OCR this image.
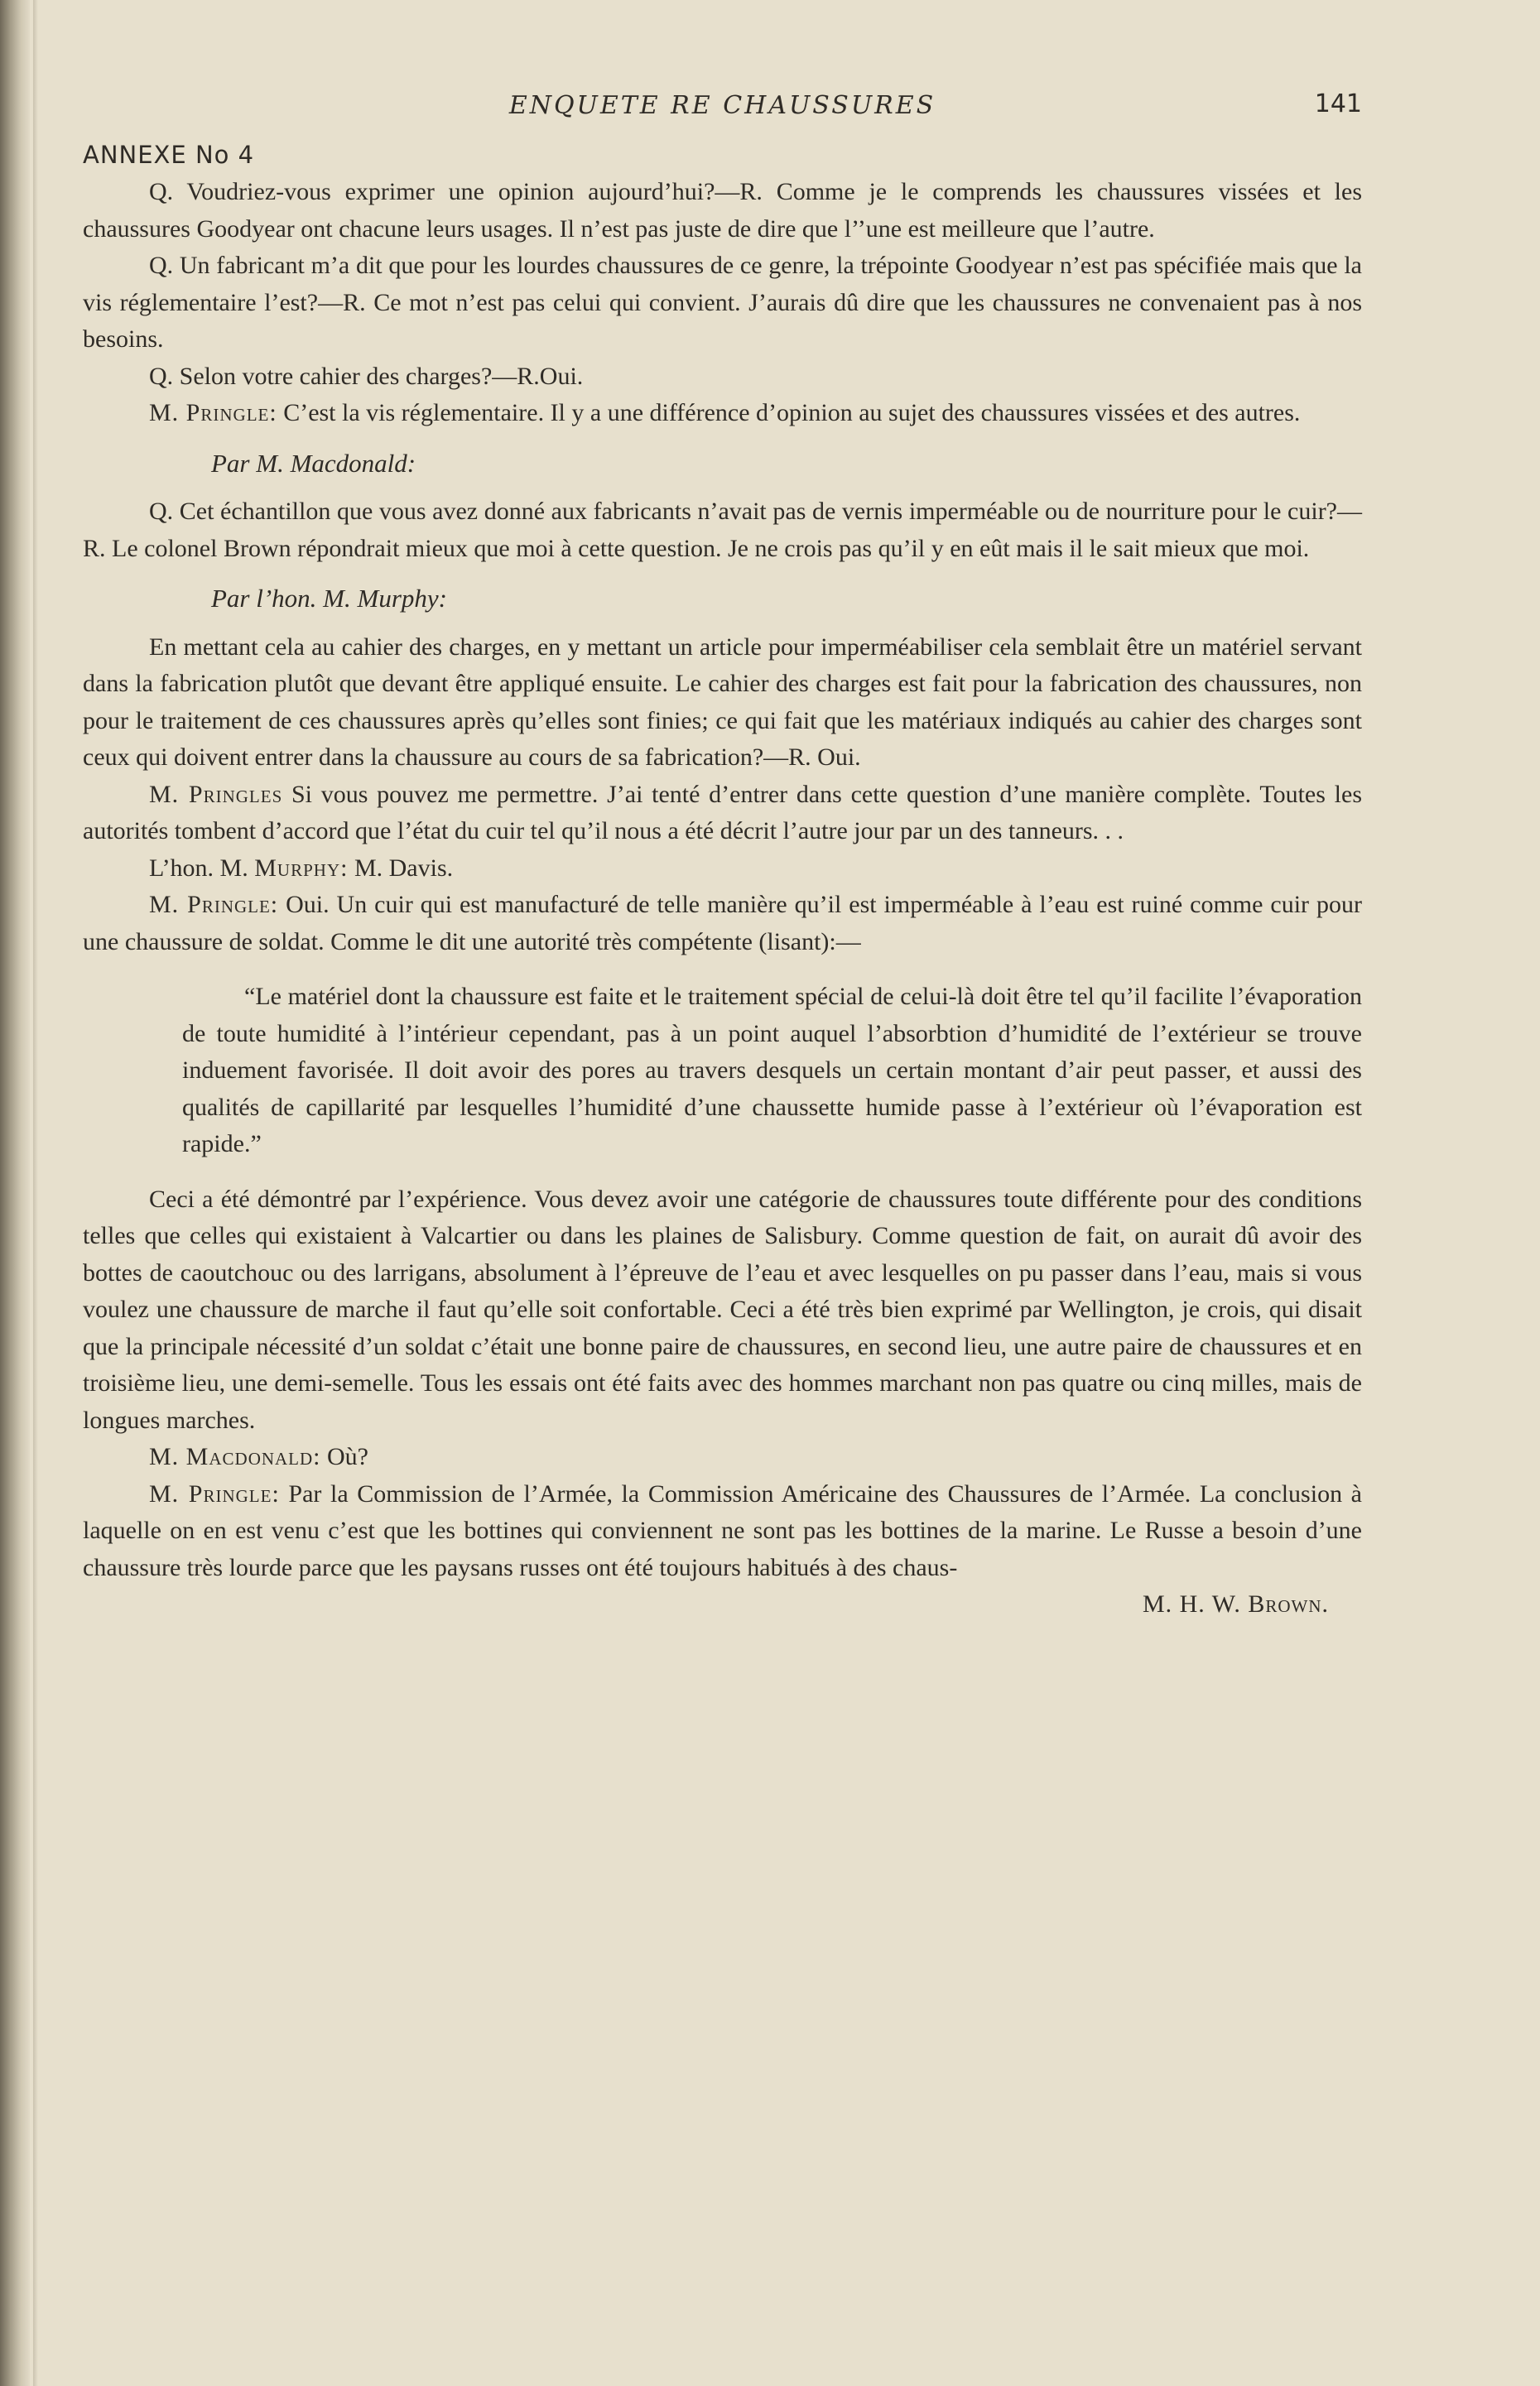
ENQUETE RE CHAUSSURES	141
ANNEXE No 4

Q. Voudriez-vous exprimer une opinion aujourd’hui?—R. Comme je le comprends les chaussures vissées et les chaussures Goodyear ont chacune leurs usages. Il n’est pas juste de dire que l’’une est meilleure que l’autre.

Q. Un fabricant m’a dit que pour les lourdes chaussures de ce genre, la trépointe Goodyear n’est pas spécifiée mais que la vis réglementaire l’est?—R. Ce mot n’est pas celui qui convient. J’aurais dû dire que les chaussures ne convenaient pas à nos besoins.

Q. Selon votre cahier des charges?—R.Oui.

M. Pringle: C’est la vis réglementaire. Il y a une différence d’opinion au sujet des chaussures vissées et des autres.

Par M. Macdonald:

Q. Cet échantillon que vous avez donné aux fabricants n’avait pas de vernis imperméable ou de nourriture pour le cuir?—R. Le colonel Brown répondrait mieux que moi à cette question. Je ne crois pas qu’il y en eût mais il le sait mieux que moi.

Par l’hon. M. Murphy:

En mettant cela au cahier des charges, en y mettant un article pour imperméabiliser cela semblait être un matériel servant dans la fabrication plutôt que devant être appliqué ensuite. Le cahier des charges est fait pour la fabrication des chaussures, non pour le traitement de ces chaussures après qu’elles sont finies; ce qui fait que les matériaux indiqués au cahier des charges sont ceux qui doivent entrer dans la chaussure au cours de sa fabrication?—R. Oui.

M. Pringles Si vous pouvez me permettre. J’ai tenté d’entrer dans cette question d’une manière complète. Toutes les autorités tombent d’accord que l’état du cuir tel qu’il nous a été décrit l’autre jour par un des tanneurs. . .

L’hon. M. Murphy: M. Davis.

M. Pringle: Oui. Un cuir qui est manufacturé de telle manière qu’il est imperméable à l’eau est ruiné comme cuir pour une chaussure de soldat. Comme le dit une autorité très compétente (lisant):—

“Le matériel dont la chaussure est faite et le traitement spécial de celui-là doit être tel qu’il facilite l’évaporation de toute humidité à l’intérieur cependant, pas à un point auquel l’absorbtion d’humidité de l’extérieur se trouve induement favorisée. Il doit avoir des pores au travers desquels un certain montant d’air peut passer, et aussi des qualités de capillarité par lesquelles l’humidité d’une chaussette humide passe à l’extérieur où l’évaporation est rapide.”

Ceci a été démontré par l’expérience. Vous devez avoir une catégorie de chaussures toute différente pour des conditions telles que celles qui existaient à Valcartier ou dans les plaines de Salisbury. Comme question de fait, on aurait dû avoir des bottes de caoutchouc ou des larrigans, absolument à l’épreuve de l’eau et avec lesquelles on pu passer dans l’eau, mais si vous voulez une chaussure de marche il faut qu’elle soit confortable. Ceci a été très bien exprimé par Wellington, je crois, qui disait que la principale nécessité d’un soldat c’était une bonne paire de chaussures, en second lieu, une autre paire de chaussures et en troisième lieu, une demi-semelle. Tous les essais ont été faits avec des hommes marchant non pas quatre ou cinq milles, mais de longues marches.

M. Macdonald: Où?

M. Pringle: Par la Commission de l’Armée, la Commission Américaine des Chaussures de l’Armée. La conclusion à laquelle on en est venu c’est que les bottines qui conviennent ne sont pas les bottines de la marine. Le Russe a besoin d’une chaussure très lourde parce que les paysans russes ont été toujours habitués à des chaus-

M. H. W. Brown.
